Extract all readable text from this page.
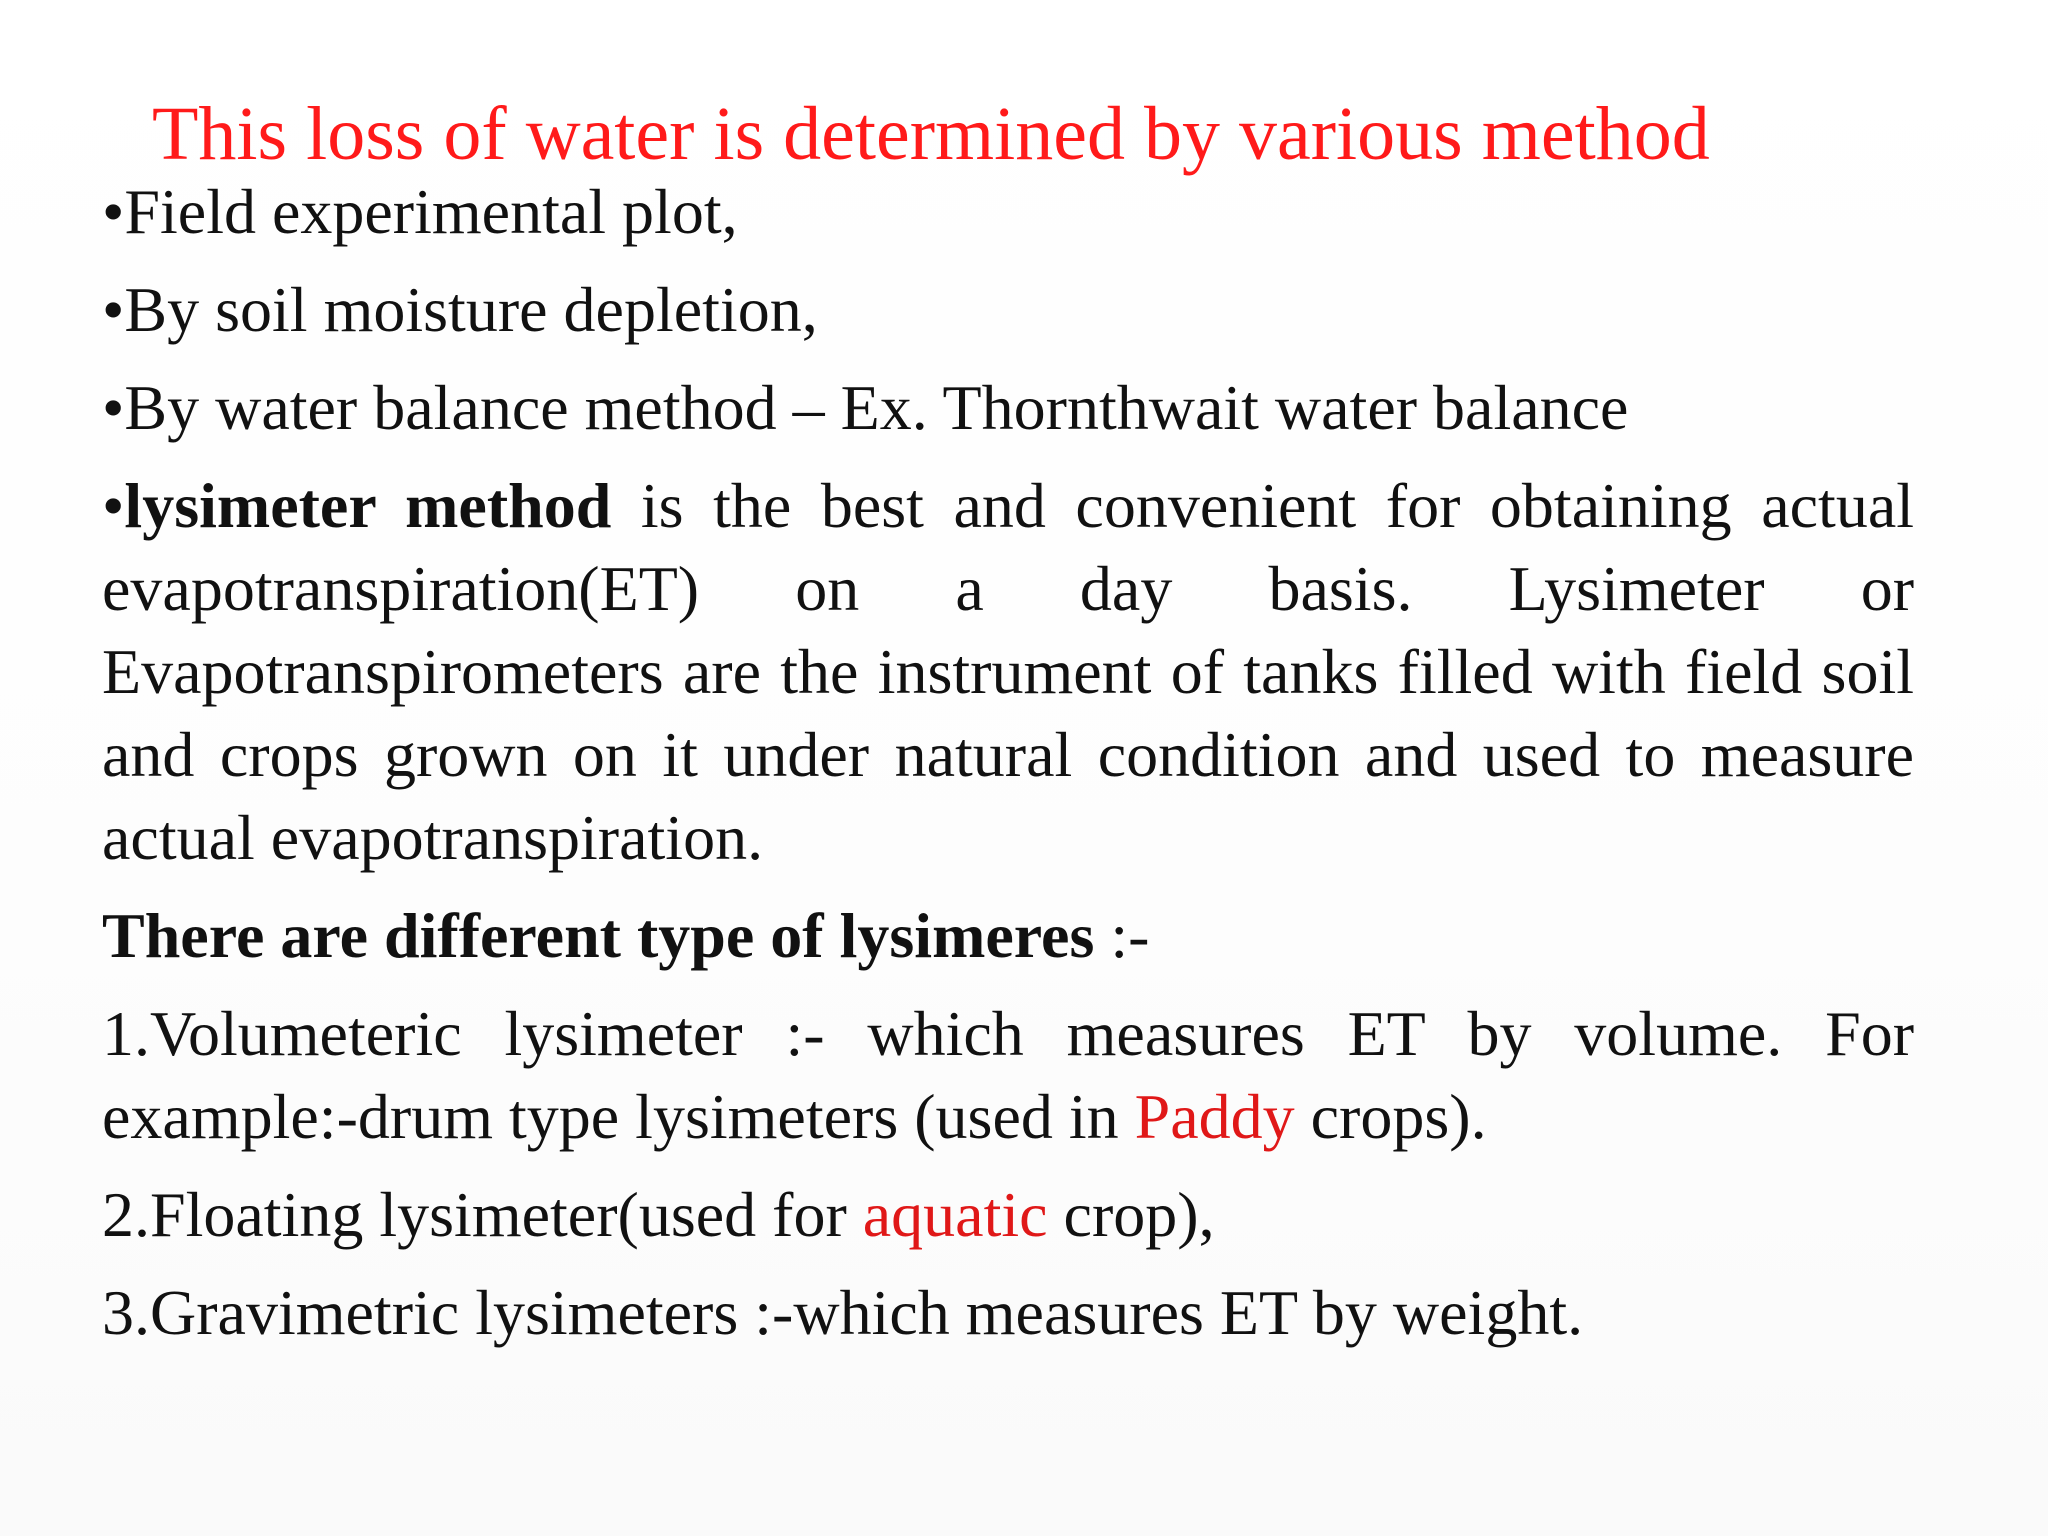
This loss of water is determined by various method

•Field experimental plot,

•By soil moisture depletion,

•By water balance method – Ex. Thornthwait water balance

•lysimeter method is the best and convenient for obtaining actual evapotranspiration(ET) on a day basis. Lysimeter or Evapotranspirometers are the instrument of tanks filled with field soil and crops grown on it under natural condition and used to measure actual evapotranspiration.

There are different type of lysimeres :-

1.Volumeteric lysimeter :- which measures ET by volume. For example:-drum type lysimeters (used in Paddy crops).

2.Floating lysimeter(used for aquatic crop),

3.Gravimetric lysimeters :-which measures ET by weight.
